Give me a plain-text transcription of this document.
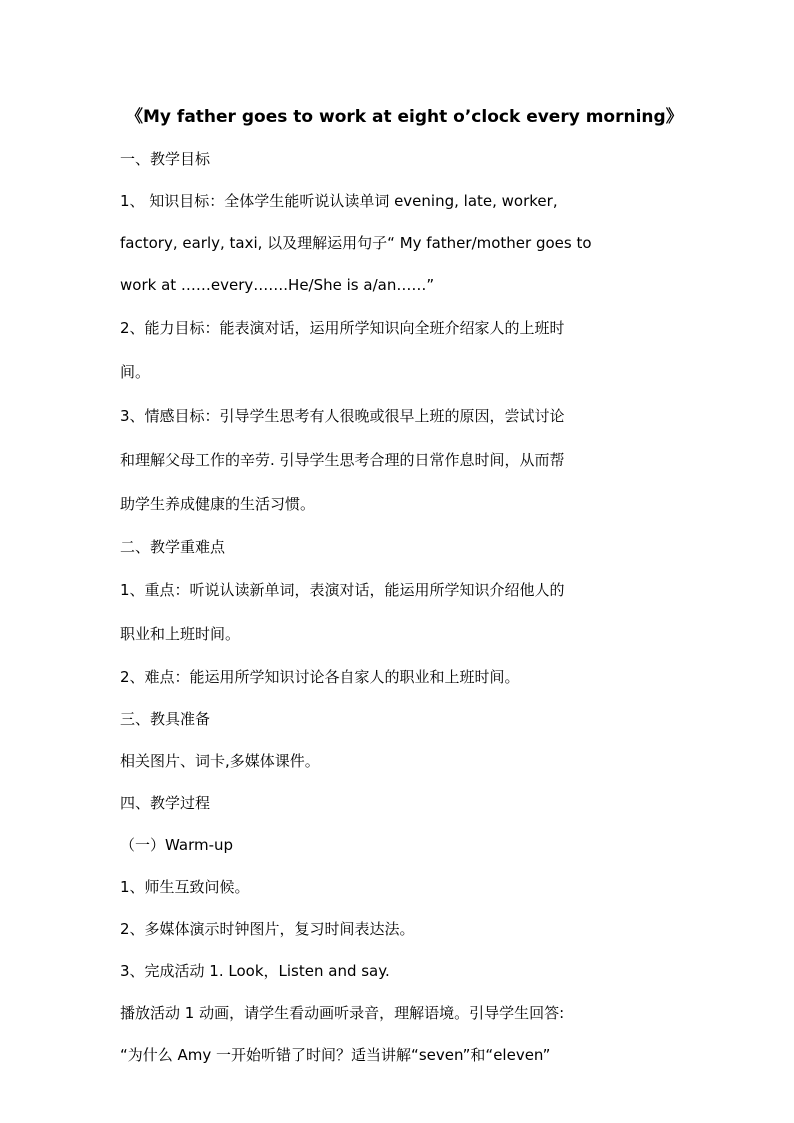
《My father goes to work at eight o’clock every morning》
一、教学目标
1、 知识目标：全体学生能听说认读单词 evening, late, worker,
factory, early, taxi, 以及理解运用句子“ My father/mother goes to
work at ……every…….He/She is a/an……”
2、能力目标：能表演对话，运用所学知识向全班介绍家人的上班时
间。
3、情感目标：引导学生思考有人很晚或很早上班的原因，尝试讨论
和理解父母工作的辛劳. 引导学生思考合理的日常作息时间，从而帮
助学生养成健康的生活习惯。
二、教学重难点
1、重点：听说认读新单词，表演对话，能运用所学知识介绍他人的
职业和上班时间。
2、难点：能运用所学知识讨论各自家人的职业和上班时间。
三、教具准备
相关图片、词卡,多媒体课件。
四、教学过程
（一）Warm-up
1、师生互致问候。
2、多媒体演示时钟图片，复习时间表达法。
3、完成活动 1. Look，Listen and say.
播放活动 1 动画，请学生看动画听录音，理解语境。引导学生回答:
“为什么 Amy 一开始听错了时间？适当讲解“seven”和“eleven”
